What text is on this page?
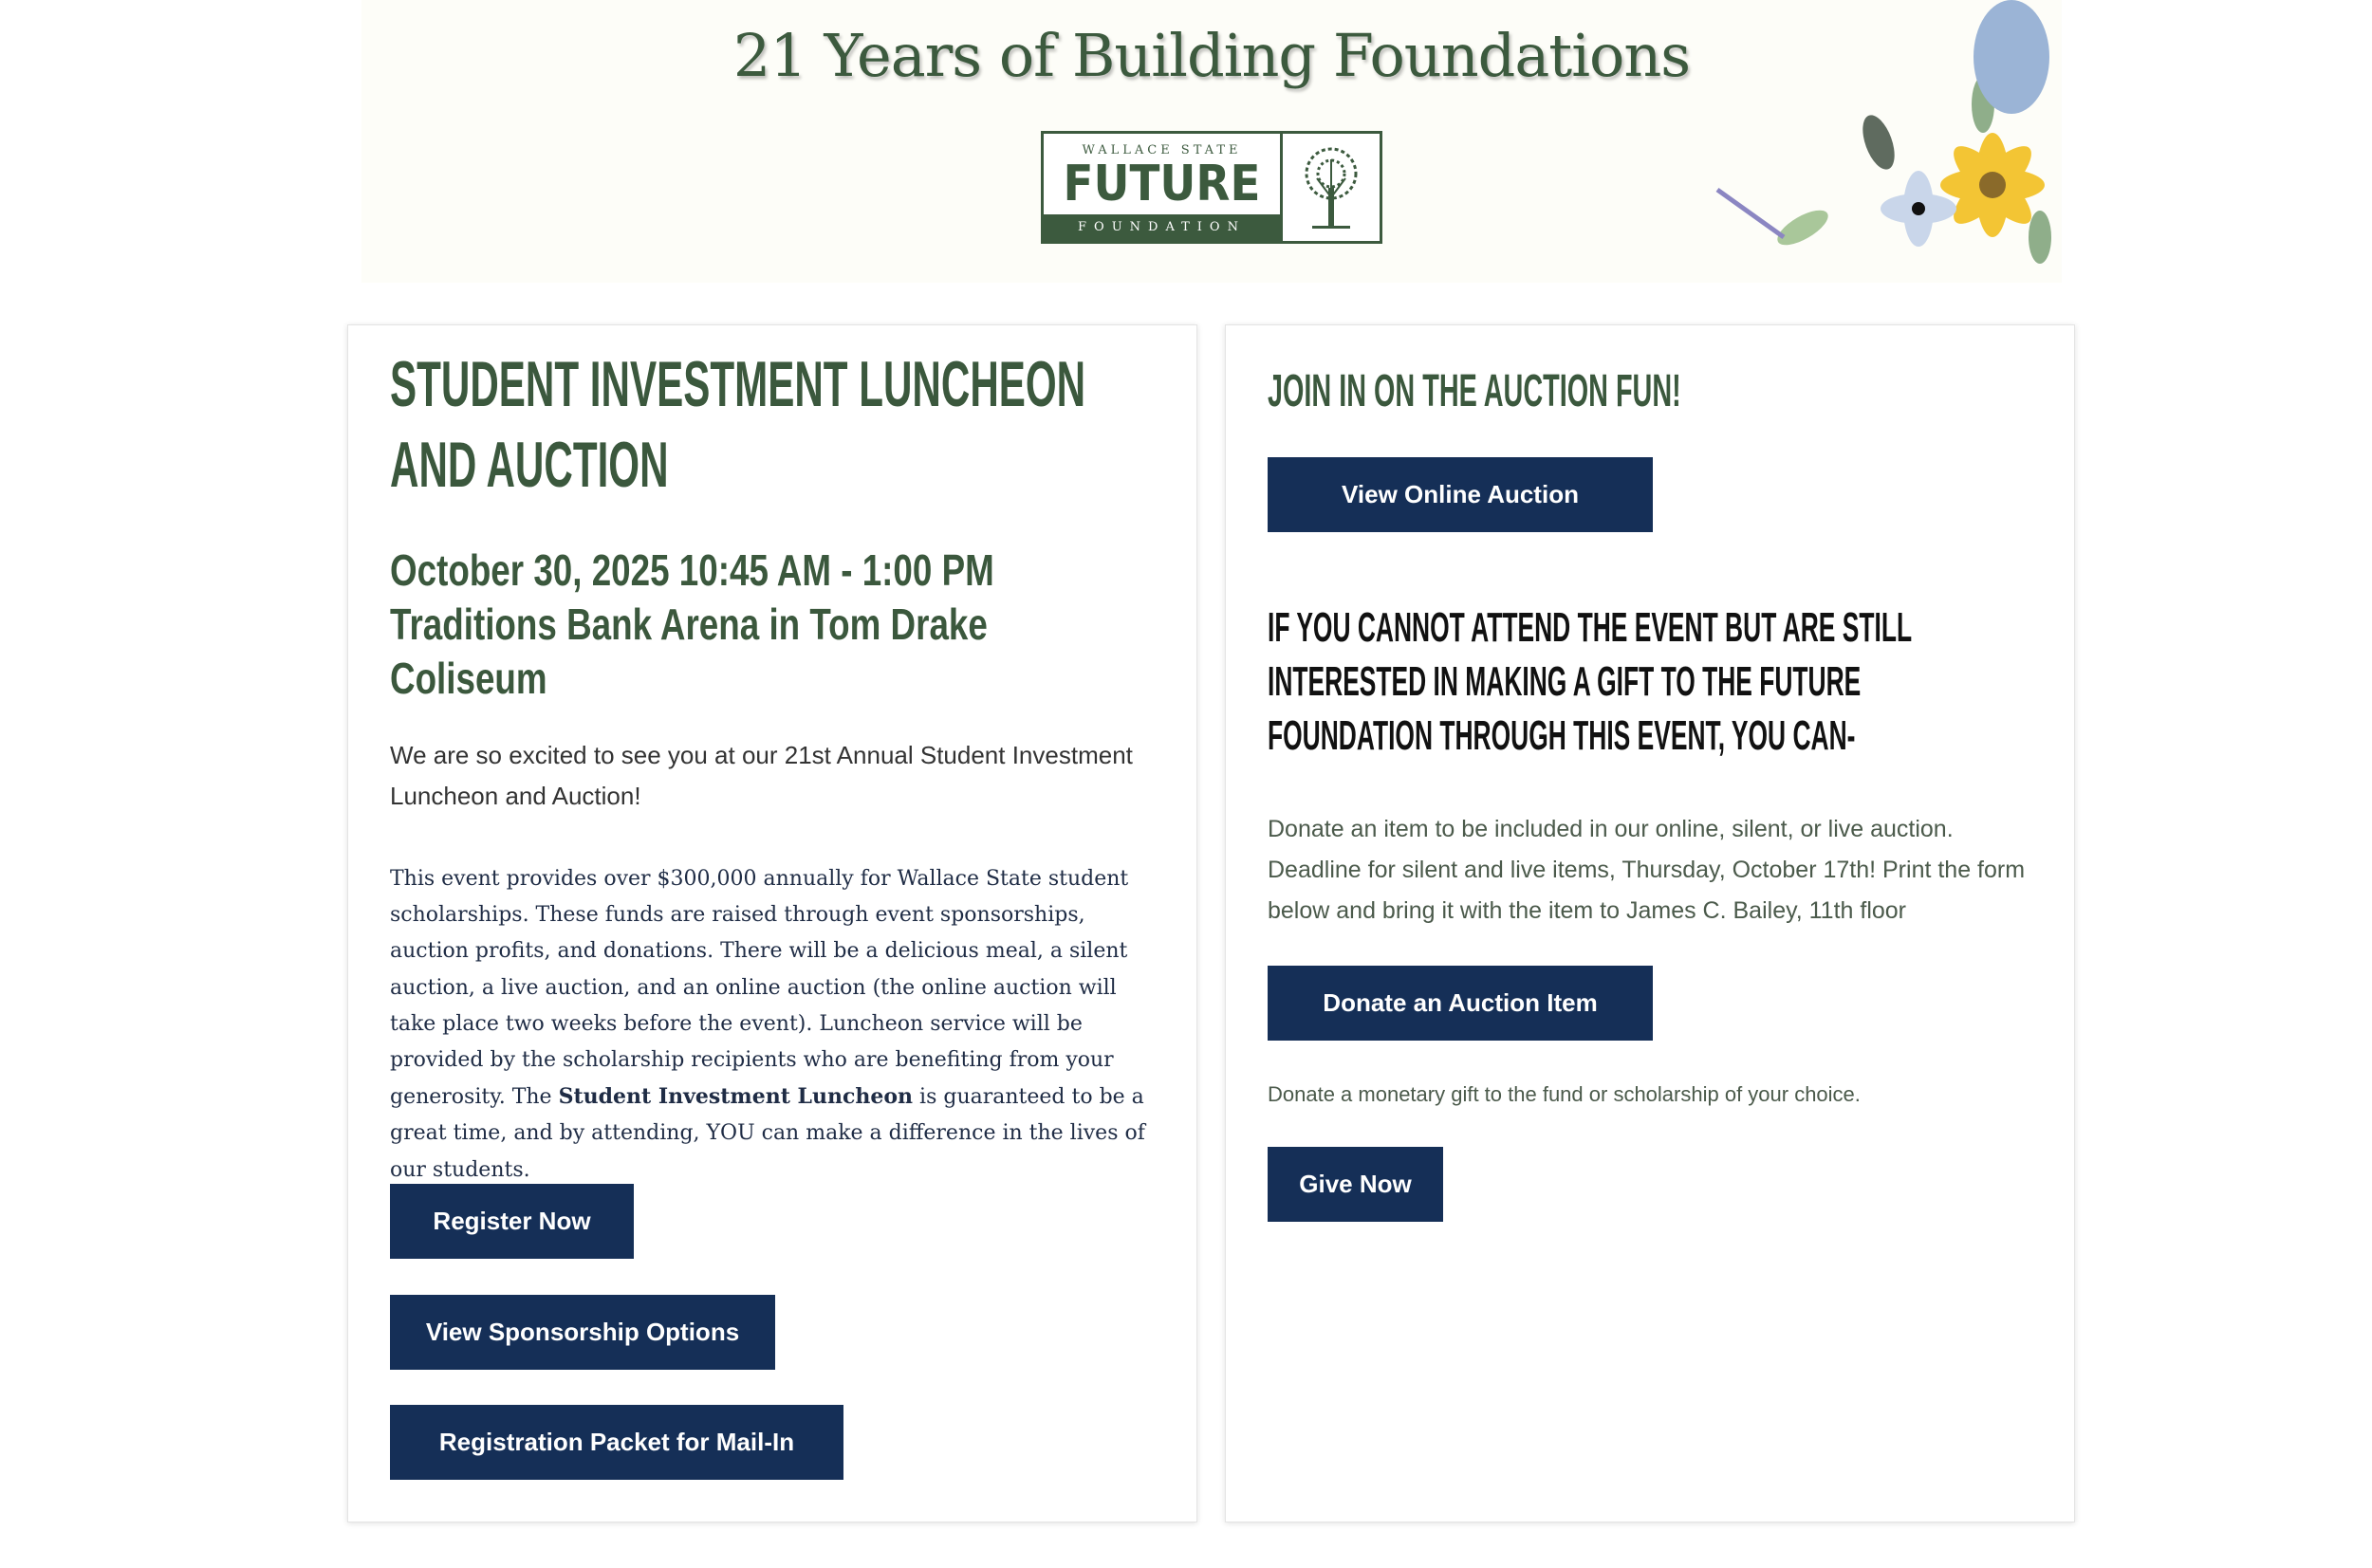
21 Years of Building Foundations
WALLACE STATE
FUTURE
FOUNDATION
STUDENT INVESTMENT LUNCHEON
AND AUCTION
October 30, 2025 10:45 AM - 1:00 PM
Traditions Bank Arena in Tom Drake
Coliseum

We are so excited to see you at our 21st Annual Student Investment Luncheon and Auction!

This event provides over $300,000 annually for Wallace State student scholarships. These funds are raised through event sponsorships, auction profits, and donations. There will be a delicious meal, a silent auction, a live auction, and an online auction (the online auction will take place two weeks before the event). Luncheon service will be provided by the scholarship recipients who are benefiting from your generosity. The Student Investment Luncheon is guaranteed to be a great time, and by attending, YOU can make a difference in the lives of our students.

Register Now
View Sponsorship Options
Registration Packet for Mail-In
JOIN IN ON THE AUCTION FUN!
View Online Auction
IF YOU CANNOT ATTEND THE EVENT BUT ARE STILL
INTERESTED IN MAKING A GIFT TO THE FUTURE
FOUNDATION THROUGH THIS EVENT, YOU CAN-

Donate an item to be included in our online, silent, or live auction. Deadline for silent and live items, Thursday, October 17th! Print the form below and bring it with the item to James C. Bailey, 11th floor

Donate an Auction Item

Donate a monetary gift to the fund or scholarship of your choice.

Give Now
